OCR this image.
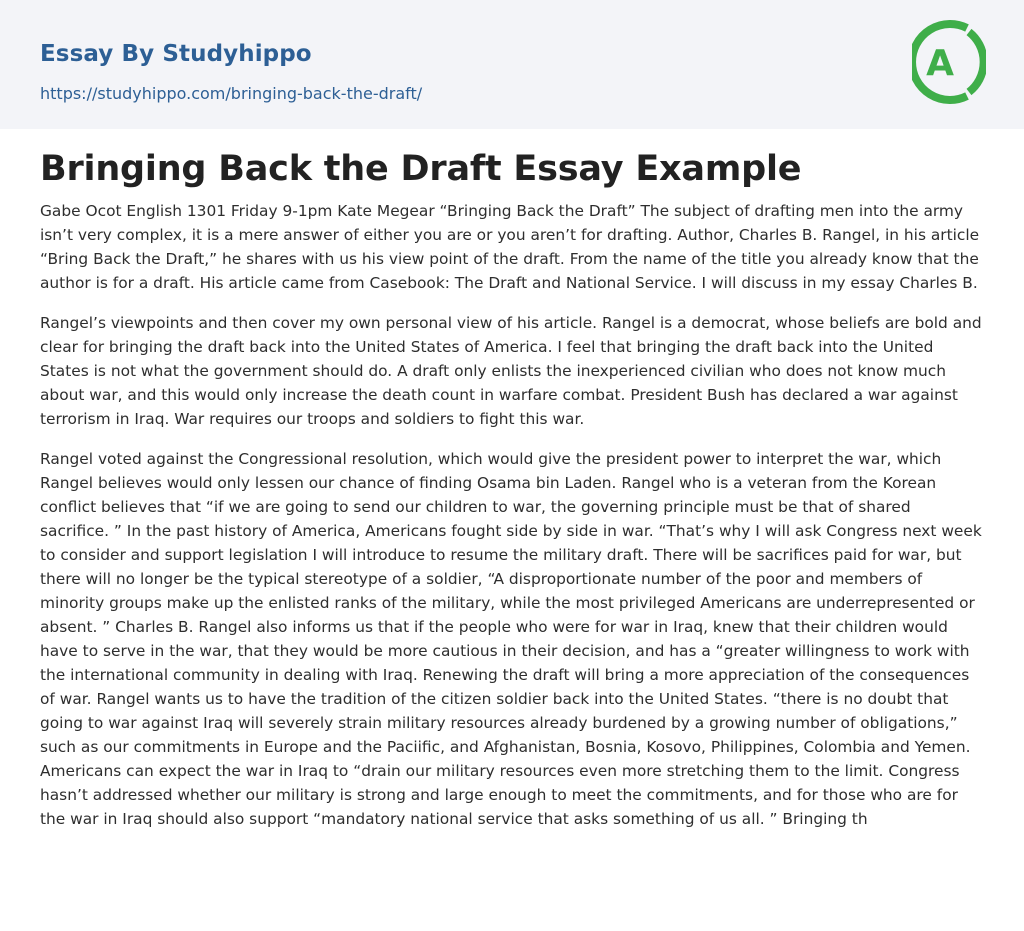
Essay By Studyhippo
https://studyhippo.com/bringing-back-the-draft/
A
Bringing Back the Draft Essay Example

Gabe Ocot English 1301 Friday 9-1pm Kate Megear “Bringing Back the Draft” The subject of drafting men into the army isn’t very complex, it is a mere answer of either you are or you aren’t for drafting. Author, Charles B. Rangel, in his article “Bring Back the Draft,” he shares with us his view point of the draft. From the name of the title you already know that the author is for a draft. His article came from Casebook: The Draft and National Service. I will discuss in my essay Charles B.

Rangel’s viewpoints and then cover my own personal view of his article. Rangel is a democrat, whose beliefs are bold and clear for bringing the draft back into the United States of America. I feel that bringing the draft back into the United States is not what the government should do. A draft only enlists the inexperienced civilian who does not know much about war, and this would only increase the death count in warfare combat. President Bush has declared a war against terrorism in Iraq. War requires our troops and soldiers to fight this war.

Rangel voted against the Congressional resolution, which would give the president power to interpret the war, which Rangel believes would only lessen our chance of finding Osama bin Laden. Rangel who is a veteran from the Korean conflict believes that “if we are going to send our children to war, the governing principle must be that of shared sacrifice. ” In the past history of America, Americans fought side by side in war. “That’s why I will ask Congress next week to consider and support legislation I will introduce to resume the military draft. There will be sacrifices paid for war, but there will no longer be the typical stereotype of a soldier, “A disproportionate number of the poor and members of minority groups make up the enlisted ranks of the military, while the most privileged Americans are underrepresented or absent. ” Charles B. Rangel also informs us that if the people who were for war in Iraq, knew that their children would have to serve in the war, that they would be more cautious in their decision, and has a “greater willingness to work with the international community in dealing with Iraq. Renewing the draft will bring a more appreciation of the consequences of war. Rangel wants us to have the tradition of the citizen soldier back into the United States. “there is no doubt that going to war against Iraq will severely strain military resources already burdened by a growing number of obligations,” such as our commitments in Europe and the Paciific, and Afghanistan, Bosnia, Kosovo, Philippines, Colombia and Yemen. Americans can expect the war in Iraq to “drain our military resources even more stretching them to the limit. Congress hasn’t addressed whether our military is strong and large enough to meet the commitments, and for those who are for the war in Iraq should also support “mandatory national service that asks something of us all. ” Bringing th
